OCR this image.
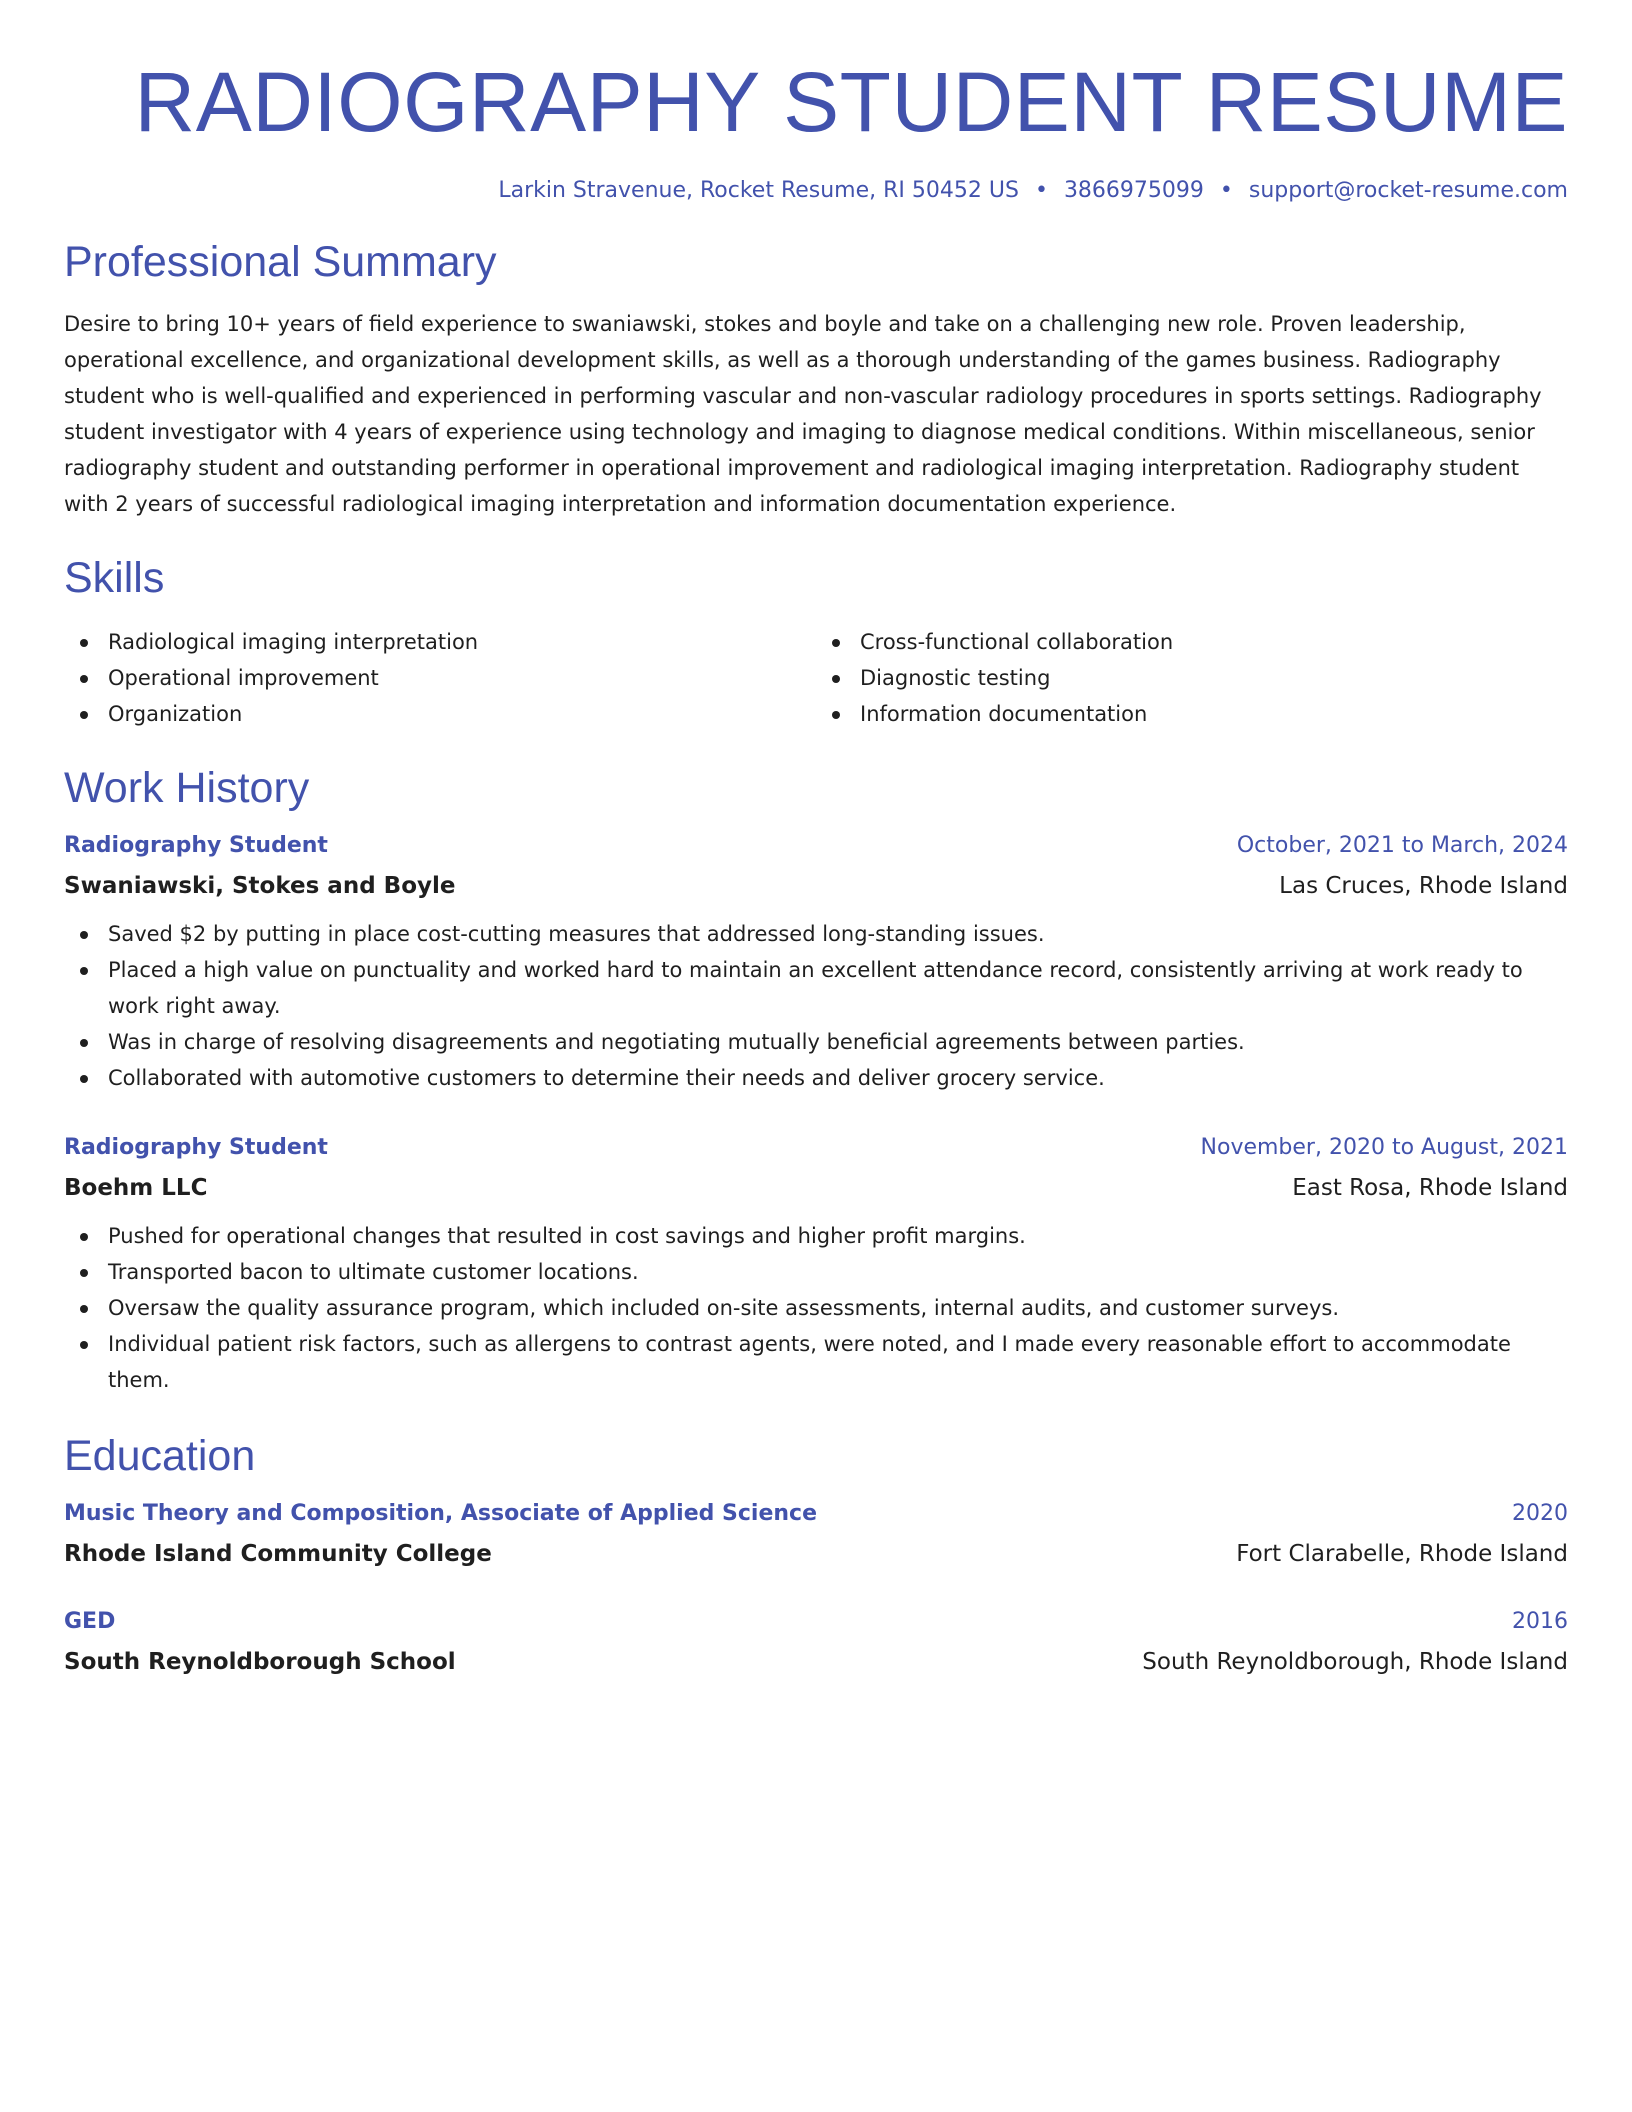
RADIOGRAPHY STUDENT RESUME
Larkin Stravenue, Rocket Resume, RI 50452 US • 3866975099 • support@rocket-resume.com
Professional Summary

Desire to bring 10+ years of field experience to swaniawski, stokes and boyle and take on a challenging new role. Proven leadership, operational excellence, and organizational development skills, as well as a thorough understanding of the games business. Radiography student who is well-qualified and experienced in performing vascular and non-vascular radiology procedures in sports settings. Radiography student investigator with 4 years of experience using technology and imaging to diagnose medical conditions. Within miscellaneous, senior radiography student and outstanding performer in operational improvement and radiological imaging interpretation. Radiography student with 2 years of successful radiological imaging interpretation and information documentation experience.

Skills
Radiological imaging interpretation
Operational improvement
Organization
Cross-functional collaboration
Diagnostic testing
Information documentation
Work History
Radiography Student	October, 2021 to March, 2024
Swaniawski, Stokes and Boyle	Las Cruces, Rhode Island
Saved $2 by putting in place cost-cutting measures that addressed long-standing issues.
Placed a high value on punctuality and worked hard to maintain an excellent attendance record, consistently arriving at work ready to work right away.
Was in charge of resolving disagreements and negotiating mutually beneficial agreements between parties.
Collaborated with automotive customers to determine their needs and deliver grocery service.
Radiography Student	November, 2020 to August, 2021
Boehm LLC	East Rosa, Rhode Island
Pushed for operational changes that resulted in cost savings and higher profit margins.
Transported bacon to ultimate customer locations.
Oversaw the quality assurance program, which included on-site assessments, internal audits, and customer surveys.
Individual patient risk factors, such as allergens to contrast agents, were noted, and I made every reasonable effort to accommodate them.
Education
Music Theory and Composition, Associate of Applied Science	2020
Rhode Island Community College	Fort Clarabelle, Rhode Island
GED	2016
South Reynoldborough School	South Reynoldborough, Rhode Island
